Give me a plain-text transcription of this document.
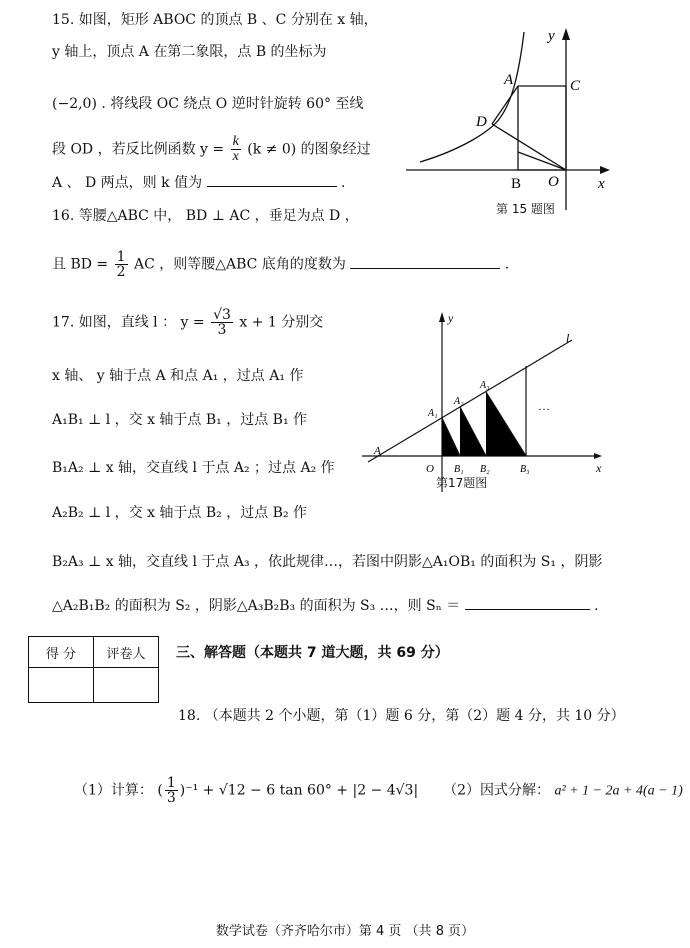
15. 如图，矩形 ABOC 的顶点 B 、C 分别在 x 轴，
y 轴上，顶点 A 在第二象限，点 B 的坐标为
(−2,0) . 将线段 OC 绕点 O 逆时针旋转 60° 至线
段 OD ，若反比例函数 $y = \frac{k}{x} (k \ne 0)$ 的图象经过
A 、 D 两点，则 k 值为	.
y
x
A	C
D
B O
第 15 题图
16. 等腰△ABC 中， BD ⊥ AC ，垂足为点 D ，
且 BD = $\frac{1}{2}$ AC ，则等腰△ABC 底角的度数为	.
17. 如图，直线 l ： $y = \frac{√3}{3}$ x + 1 分别交
x 轴、 y 轴于点 A 和点 A₁ ，过点 A₁ 作
A₁B₁ ⊥ l ，交 x 轴于点 B₁ ，过点 B₁ 作
B₁A₂ ⊥ x 轴，交直线 l 于点 A₂ ；过点 A₂ 作
A₂B₂ ⊥ l ，交 x 轴于点 B₂ ，过点 B₂ 作
B₂A₃ ⊥ x 轴，交直线 l 于点 A₃ ，依此规律…，若图中阴影△A₁OB₁ 的面积为 S₁ ，阴影
△A₂B₁B₂ 的面积为 S₂ ，阴影△A₃B₂B₃ 的面积为 S₃ …，则 Sₙ ＝	.
y
x
l
A
A₁
A₂
A₃
…
O B₁ B₂	B₃
第17题图
得 分	评卷人
	三、解答题（本题共 7 道大题，共 69 分）
18. （本题共 2 个小题，第（1）题 6 分，第（2）题 4 分，共 10 分）
（1）计算： ( $\frac{1}{3} )^{-1} + √12 - 6$ tan 60° + |2 − 4√3| （2）因式分解： a² + 1 − 2a + 4(a − 1)
数学试卷（齐齐哈尔市）第 4 页 （共 8 页）
